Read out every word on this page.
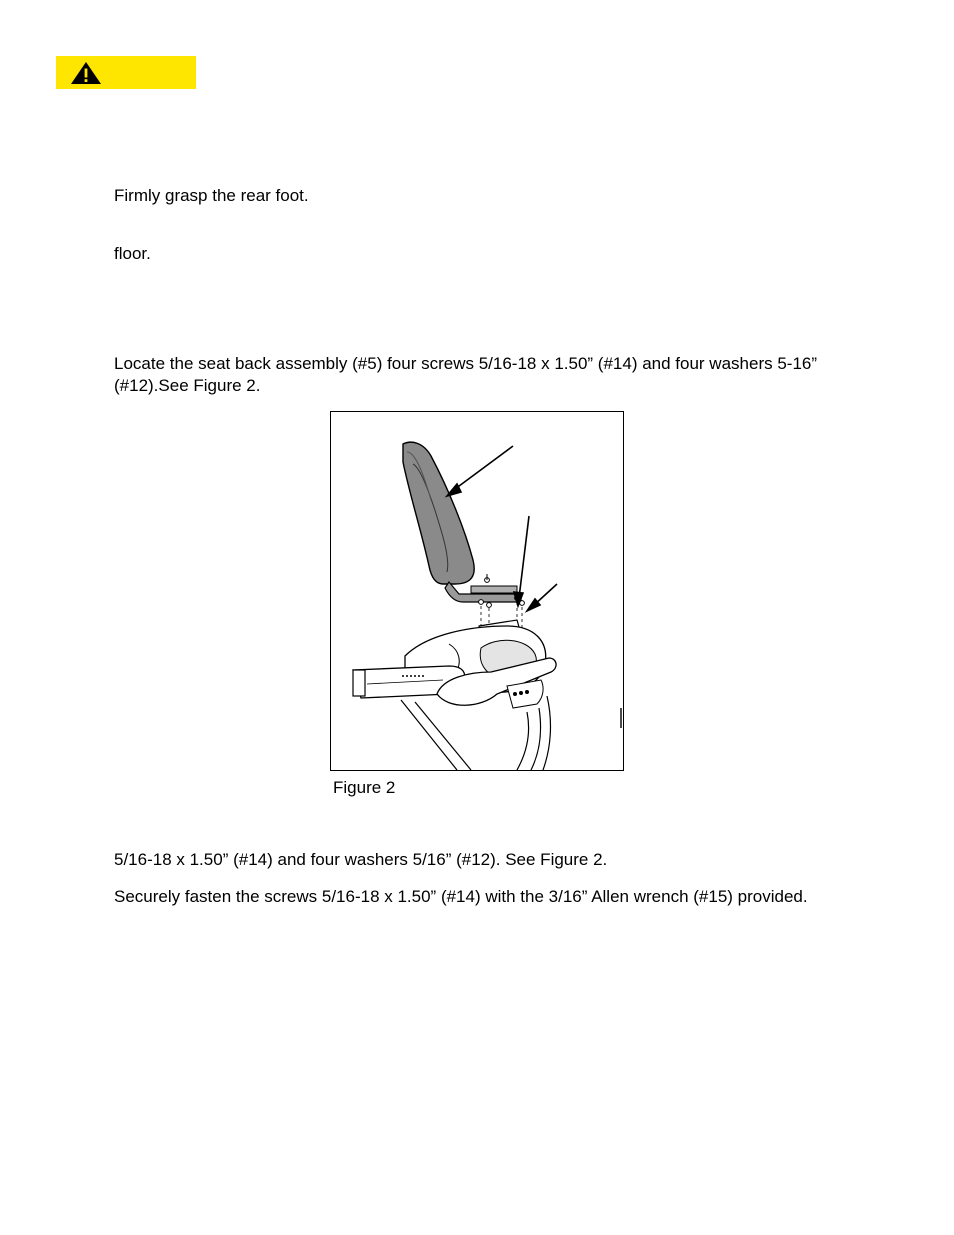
Firmly grasp the rear foot.
floor.
Locate the seat back assembly (#5) four screws 5/16-18 x 1.50” (#14) and four washers 5-16”
(#12).See Figure 2.
Figure 2
5/16-18 x 1.50” (#14) and four washers 5/16” (#12). See Figure 2.
Securely fasten the screws 5/16-18 x 1.50” (#14) with the 3/16” Allen wrench (#15) provided.
